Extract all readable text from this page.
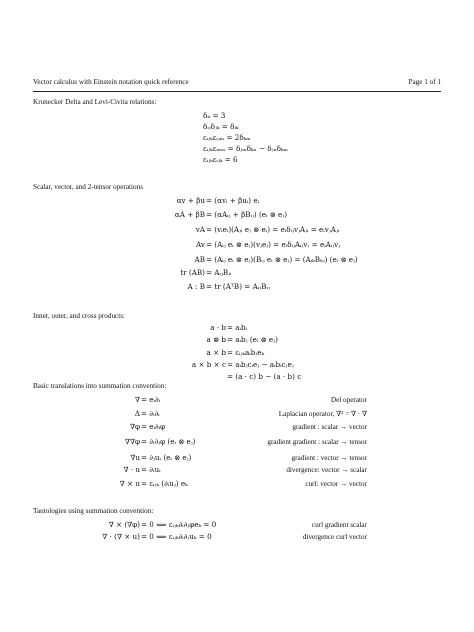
Vector calculus with Einstein notation quick reference	Page 1 of 1
Kronecker Delta and Levi-Civita relations:
δᵢᵢ = 3
δᵢⱼδⱼₖ = δᵢₖ
εᵢⱼₖεᵢⱼₘ = 2δₖₘ
εᵢⱼₖεᵢₘₙ = δⱼₘδₖₙ − δⱼₙδₖₘ
εᵢⱼₖεᵢⱼₖ = 6
Scalar, vector, and 2-tensor operations
αv + βu = (αvᵢ + βuᵢ) eᵢ
αA + βB = (αAᵢⱼ + βBᵢⱼ) (eᵢ ⊗ eⱼ)
vA = (vᵢeᵢ)(Aⱼᵢ eⱼ ⊗ eᵢ) = eᵢδᵢⱼvⱼAⱼᵢ = eᵢvⱼAⱼᵢ
Av = (Aᵢⱼ eᵢ ⊗ eⱼ)(vⱼeⱼ) = eᵢδᵢⱼAᵢⱼvⱼ = eᵢAᵢⱼvⱼ
AB = (Aᵢⱼ eᵢ ⊗ eⱼ)(Bᵢⱼ eᵢ ⊗ eⱼ) = (AᵢₖBₖⱼ) (eᵢ ⊗ eⱼ)
tr (AB) = AᵢⱼBⱼᵢ
A : B = tr (AᵀB) = AᵢⱼBᵢⱼ
Inner, outer, and cross products:
a · b = aᵢbᵢ
a ⊗ b = aᵢbⱼ (eᵢ ⊗ eⱼ)
a × b = εᵢⱼₖaᵢbⱼeₖ
a × b × c = aᵢbⱼcᵢeⱼ − aᵢbᵢcⱼeⱼ
= (a · c) b − (a · b) c
Basic translations into summation convention:
∇ = eᵢ∂ᵢ	Del operator
Δ = ∂ᵢ∂ᵢ	Laplacian operator, ∇² = ∇ · ∇
∇φ = eᵢ∂ᵢφ	gradient : scalar → vector
∇∇φ = ∂ᵢ∂ⱼφ (eᵢ ⊗ eⱼ)	gradient gradient : scalar → tensor
∇u = ∂ⱼuᵢ (eᵢ ⊗ eⱼ)	gradient : vector → tensor
∇ · u = ∂ᵢuᵢ	divergence: vector → scalar
∇ × u = εᵢⱼₖ (∂ᵢuⱼ) eₖ	curl: vector → vector
Tautologies using summation convention:
∇ × (∇φ) = 0 ⟺ εᵢⱼₖ∂ᵢ∂ⱼφeₖ = 0	curl gradient scalar
∇ · (∇ × u) = 0 ⟺ εᵢⱼₖ∂ᵢ∂ⱼuₖ = 0	divergence curl vector
